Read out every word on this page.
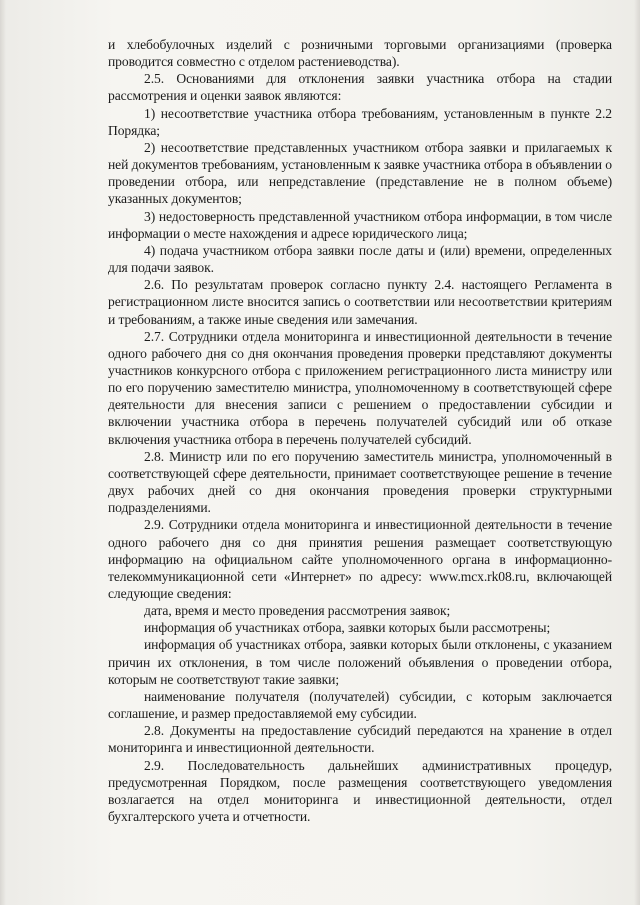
и хлебобулочных изделий с розничными торговыми организациями (проверка проводится совместно с отделом растениеводства).

2.5. Основаниями для отклонения заявки участника отбора на стадии рассмотрения и оценки заявок являются:

1) несоответствие участника отбора требованиям, установленным в пункте 2.2 Порядка;

2) несоответствие представленных участником отбора заявки и прилагаемых к ней документов требованиям, установленным к заявке участника отбора в объявлении о проведении отбора, или непредставление (представление не в полном объеме) указанных документов;

3) недостоверность представленной участником отбора информации, в том числе информации о месте нахождения и адресе юридического лица;

4) подача участником отбора заявки после даты и (или) времени, определенных для подачи заявок.

2.6. По результатам проверок согласно пункту 2.4. настоящего Регламента в регистрационном листе вносится запись о соответствии или несоответствии критериям и требованиям, а также иные сведения или замечания.

2.7. Сотрудники отдела мониторинга и инвестиционной деятельности в течение одного рабочего дня со дня окончания проведения проверки представляют документы участников конкурсного отбора с приложением регистрационного листа министру или по его поручению заместителю министра, уполномоченному в соответствующей сфере деятельности для внесения записи с решением о предоставлении субсидии и включении участника отбора в перечень получателей субсидий или об отказе включения участника отбора в перечень получателей субсидий.

2.8. Министр или по его поручению заместитель министра, уполномоченный в соответствующей сфере деятельности, принимает соответствующее решение в течение двух рабочих дней со дня окончания проведения проверки структурными подразделениями.

2.9. Сотрудники отдела мониторинга и инвестиционной деятельности в течение одного рабочего дня со дня принятия решения размещает соответствующую информацию на официальном сайте уполномоченного органа в информационно-телекоммуникационной сети «Интернет» по адресу: www.mcx.rk08.ru, включающей следующие сведения:

дата, время и место проведения рассмотрения заявок;

информация об участниках отбора, заявки которых были рассмотрены;

информация об участниках отбора, заявки которых были отклонены, с указанием причин их отклонения, в том числе положений объявления о проведении отбора, которым не соответствуют такие заявки;

наименование получателя (получателей) субсидии, с которым заключается соглашение, и размер предоставляемой ему субсидии.

2.8. Документы на предоставление субсидий передаются на хранение в отдел мониторинга и инвестиционной деятельности.

2.9. Последовательность дальнейших административных процедур, предусмотренная Порядком, после размещения соответствующего уведомления возлагается на отдел мониторинга и инвестиционной деятельности, отдел бухгалтерского учета и отчетности.
